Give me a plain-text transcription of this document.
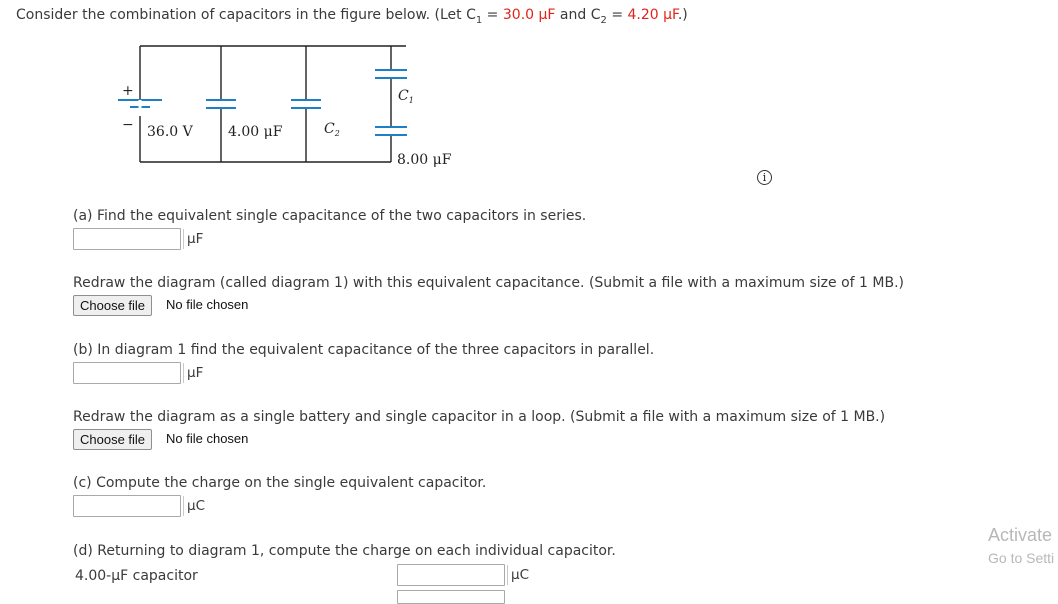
Consider the combination of capacitors in the figure below. (Let $C_1 = 30.0$ μF and $C_2 = 4.20$ μF.)
+
− 36.0 V	4.00 μF	$C_2$
$C_1$
8.00 μF
i
(a) Find the equivalent single capacitance of the two capacitors in series.
μF
Redraw the diagram (called diagram 1) with this equivalent capacitance. (Submit a file with a maximum size of 1 MB.)
Choose file	No file chosen
(b) In diagram 1 find the equivalent capacitance of the three capacitors in parallel.
μF
Redraw the diagram as a single battery and single capacitor in a loop. (Submit a file with a maximum size of 1 MB.)
Choose file	No file chosen
(c) Compute the charge on the single equivalent capacitor.
μC
(d) Returning to diagram 1, compute the charge on each individual capacitor.
4.00-μF capacitor	μC
Activate
Go to Setti
